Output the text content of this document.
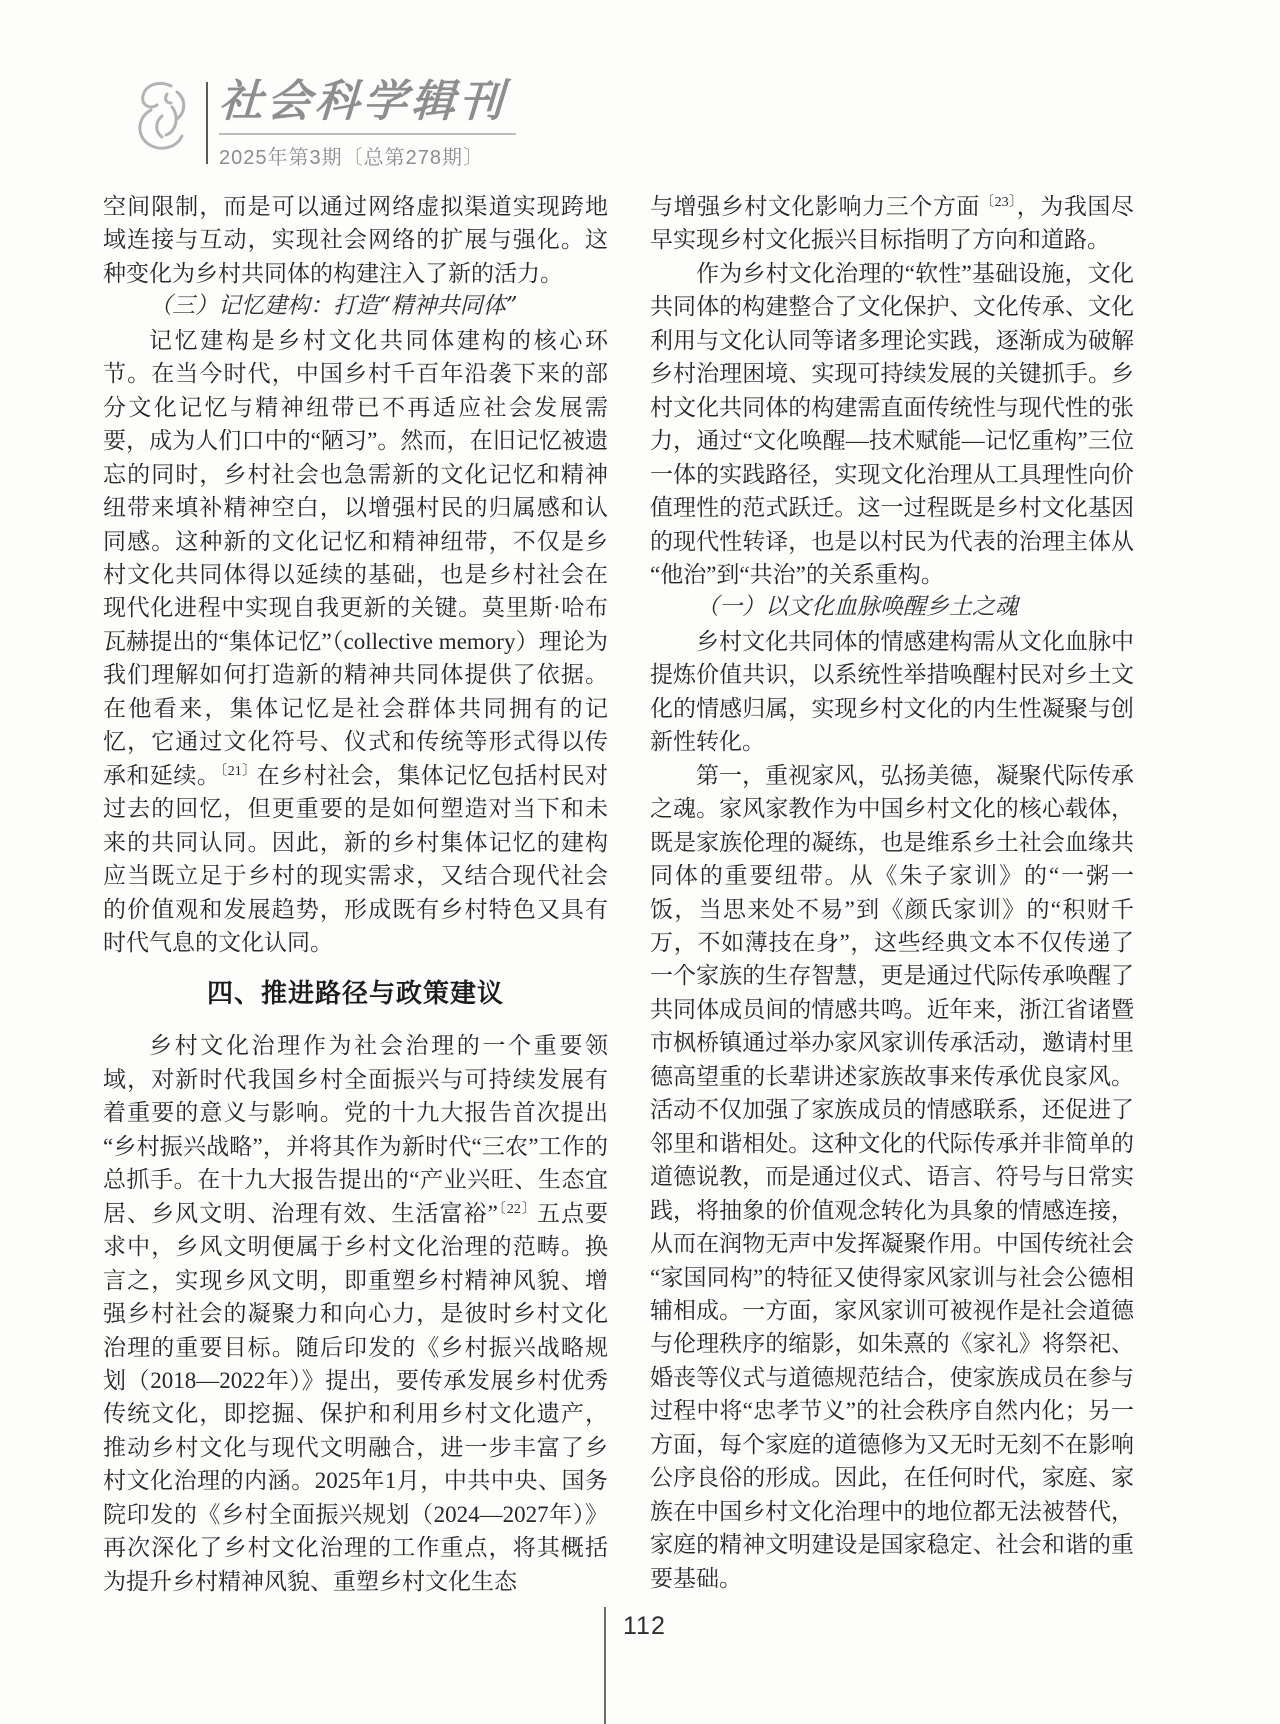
社会科学辑刊
2025年第3期〔总第278期〕

空间限制，而是可以通过网络虚拟渠道实现跨地域连接与互动，实现社会网络的扩展与强化。这种变化为乡村共同体的构建注入了新的活力。

（三）记忆建构：打造“精神共同体”

记忆建构是乡村文化共同体建构的核心环节。在当今时代，中国乡村千百年沿袭下来的部分文化记忆与精神纽带已不再适应社会发展需要，成为人们口中的“陋习”。然而，在旧记忆被遗忘的同时，乡村社会也急需新的文化记忆和精神纽带来填补精神空白，以增强村民的归属感和认同感。这种新的文化记忆和精神纽带，不仅是乡村文化共同体得以延续的基础，也是乡村社会在现代化进程中实现自我更新的关键。莫里斯·哈布瓦赫提出的“集体记忆”（collective memory）理论为我们理解如何打造新的精神共同体提供了依据。在他看来，集体记忆是社会群体共同拥有的记忆，它通过文化符号、仪式和传统等形式得以传承和延续。$^{〔21〕}$在乡村社会，集体记忆包括村民对过去的回忆，但更重要的是如何塑造对当下和未来的共同认同。因此，新的乡村集体记忆的建构应当既立足于乡村的现实需求，又结合现代社会的价值观和发展趋势，形成既有乡村特色又具有时代气息的文化认同。

四、推进路径与政策建议

乡村文化治理作为社会治理的一个重要领域，对新时代我国乡村全面振兴与可持续发展有着重要的意义与影响。党的十九大报告首次提出“乡村振兴战略”，并将其作为新时代“三农”工作的总抓手。在十九大报告提出的“产业兴旺、生态宜居、乡风文明、治理有效、生活富裕”$^{〔22〕}$五点要求中，乡风文明便属于乡村文化治理的范畴。换言之，实现乡风文明，即重塑乡村精神风貌、增强乡村社会的凝聚力和向心力，是彼时乡村文化治理的重要目标。随后印发的《乡村振兴战略规划（2018—2022年）》提出，要传承发展乡村优秀传统文化，即挖掘、保护和利用乡村文化遗产，推动乡村文化与现代文明融合，进一步丰富了乡村文化治理的内涵。2025年1月，中共中央、国务院印发的《乡村全面振兴规划（2024—2027年）》再次深化了乡村文化治理的工作重点，将其概括为提升乡村精神风貌、重塑乡村文化生态

与增强乡村文化影响力三个方面$^{〔23〕}$，为我国尽早实现乡村文化振兴目标指明了方向和道路。

作为乡村文化治理的“软性”基础设施，文化共同体的构建整合了文化保护、文化传承、文化利用与文化认同等诸多理论实践，逐渐成为破解乡村治理困境、实现可持续发展的关键抓手。乡村文化共同体的构建需直面传统性与现代性的张力，通过“文化唤醒—技术赋能—记忆重构”三位一体的实践路径，实现文化治理从工具理性向价值理性的范式跃迁。这一过程既是乡村文化基因的现代性转译，也是以村民为代表的治理主体从“他治”到“共治”的关系重构。

（一）以文化血脉唤醒乡土之魂

乡村文化共同体的情感建构需从文化血脉中提炼价值共识，以系统性举措唤醒村民对乡土文化的情感归属，实现乡村文化的内生性凝聚与创新性转化。

第一，重视家风，弘扬美德，凝聚代际传承之魂。家风家教作为中国乡村文化的核心载体，既是家族伦理的凝练，也是维系乡土社会血缘共同体的重要纽带。从《朱子家训》的“一粥一饭，当思来处不易”到《颜氏家训》的“积财千万，不如薄技在身”，这些经典文本不仅传递了一个家族的生存智慧，更是通过代际传承唤醒了共同体成员间的情感共鸣。近年来，浙江省诸暨市枫桥镇通过举办家风家训传承活动，邀请村里德高望重的长辈讲述家族故事来传承优良家风。活动不仅加强了家族成员的情感联系，还促进了邻里和谐相处。这种文化的代际传承并非简单的道德说教，而是通过仪式、语言、符号与日常实践，将抽象的价值观念转化为具象的情感连接，从而在润物无声中发挥凝聚作用。中国传统社会“家国同构”的特征又使得家风家训与社会公德相辅相成。一方面，家风家训可被视作是社会道德与伦理秩序的缩影，如朱熹的《家礼》将祭祀、婚丧等仪式与道德规范结合，使家族成员在参与过程中将“忠孝节义”的社会秩序自然内化；另一方面，每个家庭的道德修为又无时无刻不在影响公序良俗的形成。因此，在任何时代，家庭、家族在中国乡村文化治理中的地位都无法被替代，家庭的精神文明建设是国家稳定、社会和谐的重要基础。

112
